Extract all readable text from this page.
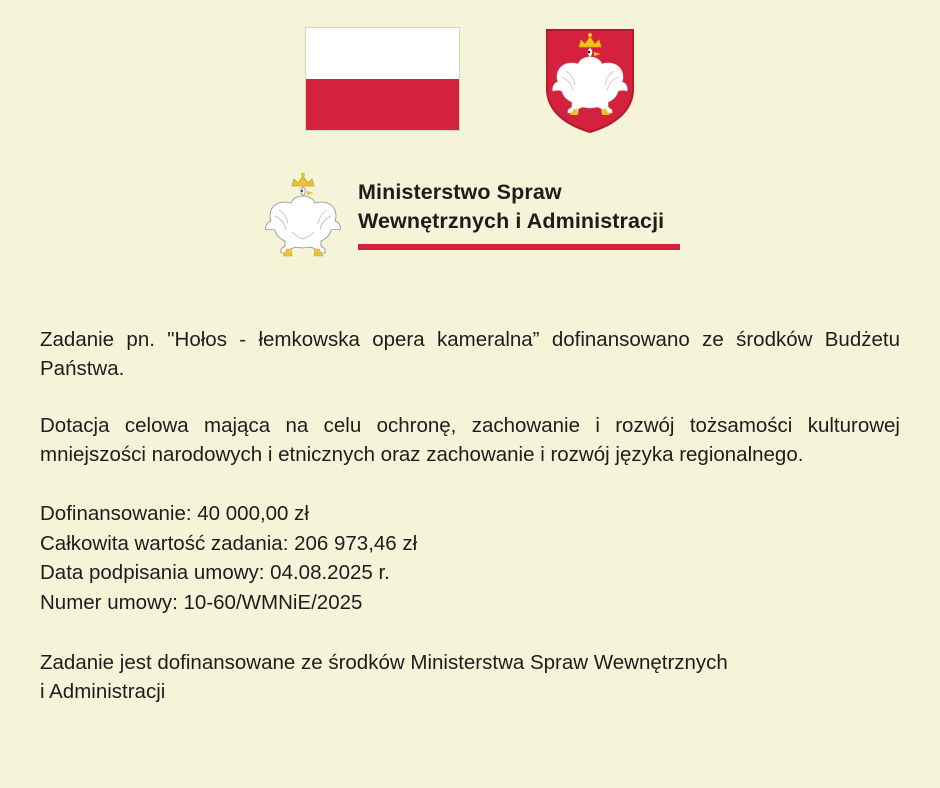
Ministerstwo Spraw
Wewnętrznych i Administracji

Zadanie pn. "Hołos - łemkowska opera kameralna” dofinansowano ze środków Budżetu Państwa.

Dotacja celowa mająca na celu ochronę, zachowanie i rozwój tożsamości kulturowej mniejszości narodowych i etnicznych oraz zachowanie i rozwój języka regionalnego.

Dofinansowanie: 40 000,00 zł

Całkowita wartość zadania: 206 973,46 zł

Data podpisania umowy: 04.08.2025 r.

Numer umowy: 10-60/WMNiE/2025

Zadanie jest dofinansowane ze środków Ministerstwa Spraw Wewnętrznych

i Administracji
